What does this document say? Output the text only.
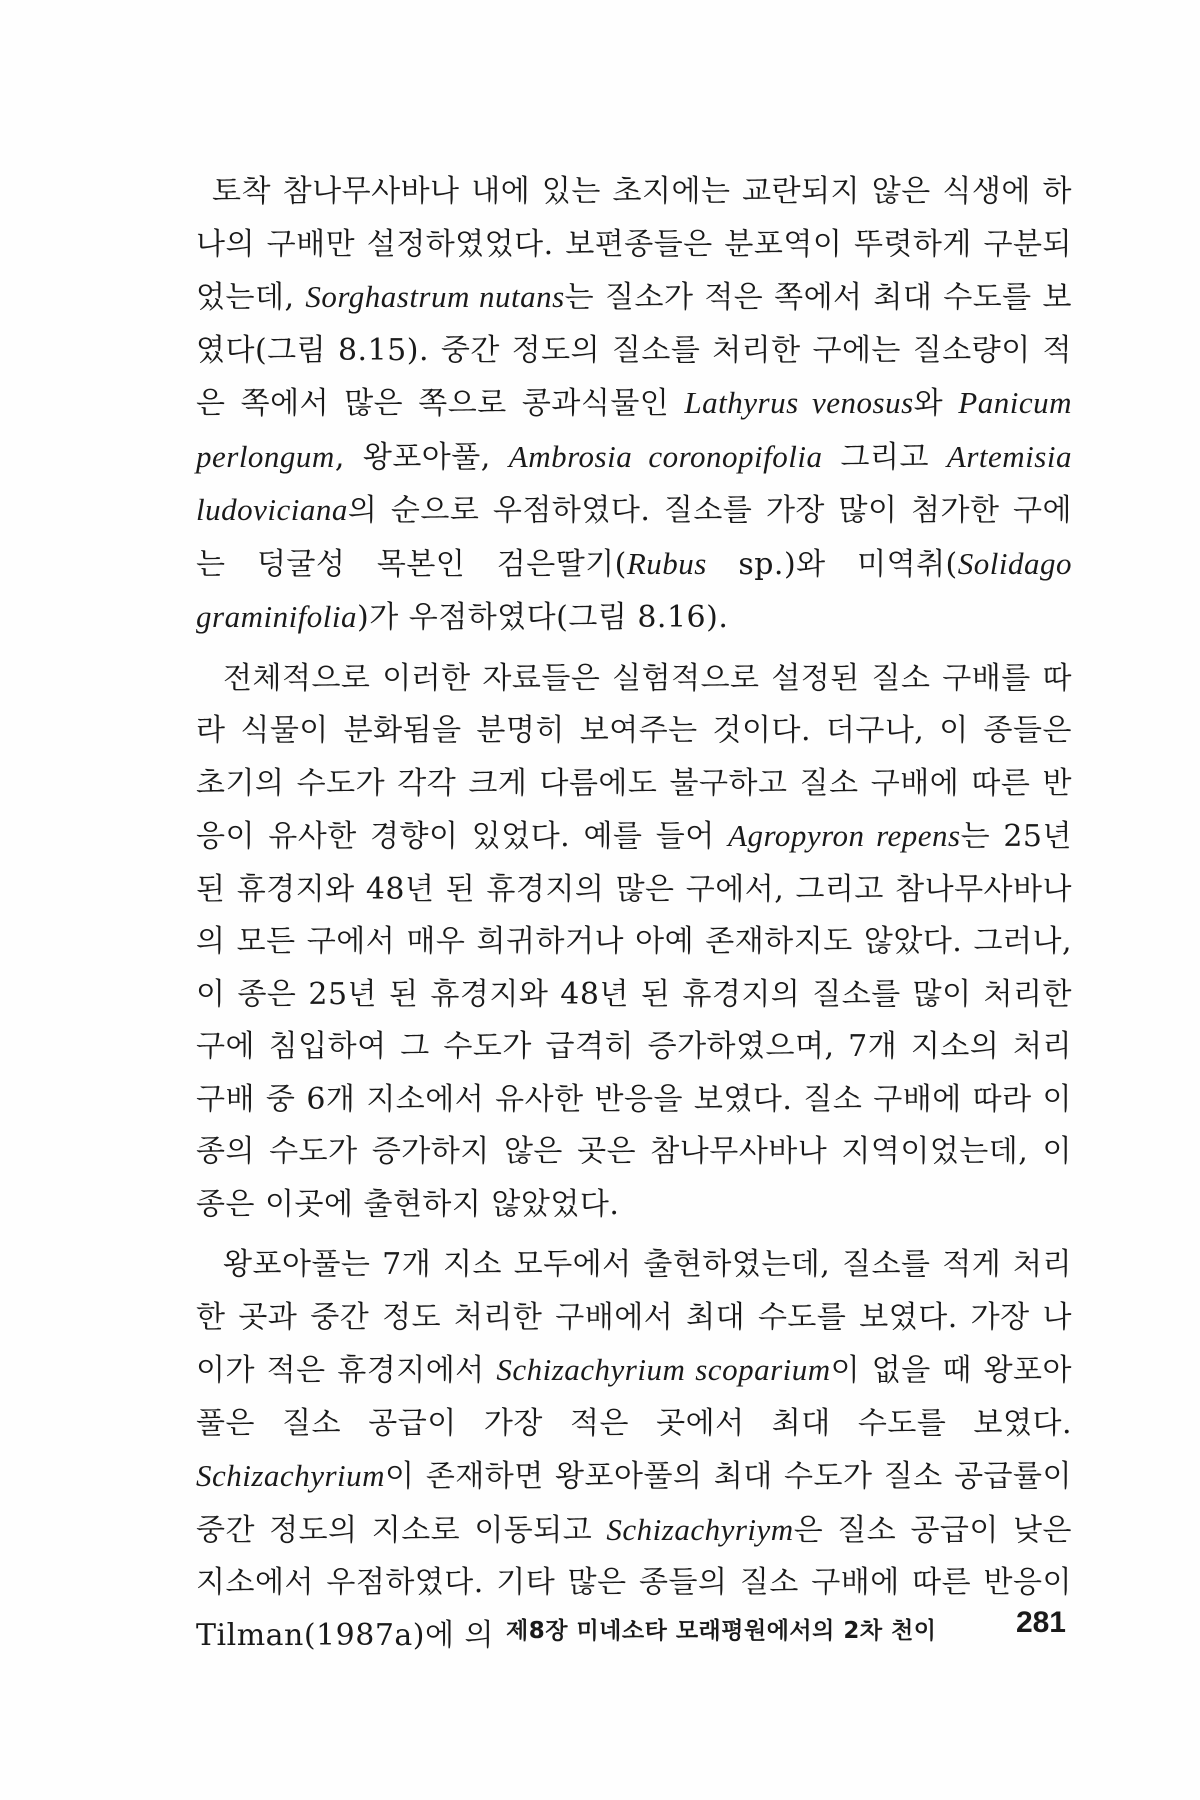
토착 참나무사바나 내에 있는 초지에는 교란되지 않은 식생에 하나의 구배만 설정하였었다. 보편종들은 분포역이 뚜렷하게 구분되었는데, Sorghastrum nutans는 질소가 적은 쪽에서 최대 수도를 보였다(그림 8.15). 중간 정도의 질소를 처리한 구에는 질소량이 적은 쪽에서 많은 쪽으로 콩과식물인 Lathyrus venosus와 Panicum perlongum, 왕포아풀, Ambrosia coronopifolia 그리고 Artemisia ludoviciana의 순으로 우점하였다. 질소를 가장 많이 첨가한 구에는 덩굴성 목본인 검은딸기(Rubus sp.)와 미역취(Solidago graminifolia)가 우점하였다(그림 8.16).

전체적으로 이러한 자료들은 실험적으로 설정된 질소 구배를 따라 식물이 분화됨을 분명히 보여주는 것이다. 더구나, 이 종들은 초기의 수도가 각각 크게 다름에도 불구하고 질소 구배에 따른 반응이 유사한 경향이 있었다. 예를 들어 Agropyron repens는 25년 된 휴경지와 48년 된 휴경지의 많은 구에서, 그리고 참나무사바나의 모든 구에서 매우 희귀하거나 아예 존재하지도 않았다. 그러나, 이 종은 25년 된 휴경지와 48년 된 휴경지의 질소를 많이 처리한 구에 침입하여 그 수도가 급격히 증가하였으며, 7개 지소의 처리 구배 중 6개 지소에서 유사한 반응을 보였다. 질소 구배에 따라 이 종의 수도가 증가하지 않은 곳은 참나무사바나 지역이었는데, 이 종은 이곳에 출현하지 않았었다.

왕포아풀는 7개 지소 모두에서 출현하였는데, 질소를 적게 처리한 곳과 중간 정도 처리한 구배에서 최대 수도를 보였다. 가장 나이가 적은 휴경지에서 Schizachyrium scoparium이 없을 때 왕포아풀은 질소 공급이 가장 적은 곳에서 최대 수도를 보였다. Schizachyrium이 존재하면 왕포아풀의 최대 수도가 질소 공급률이 중간 정도의 지소로 이동되고 Schizachyriym은 질소 공급이 낮은 지소에서 우점하였다. 기타 많은 종들의 질소 구배에 따른 반응이 Tilman(1987a)에 의 제8장 미네소타 모래평원에서의 2차 천이	281
